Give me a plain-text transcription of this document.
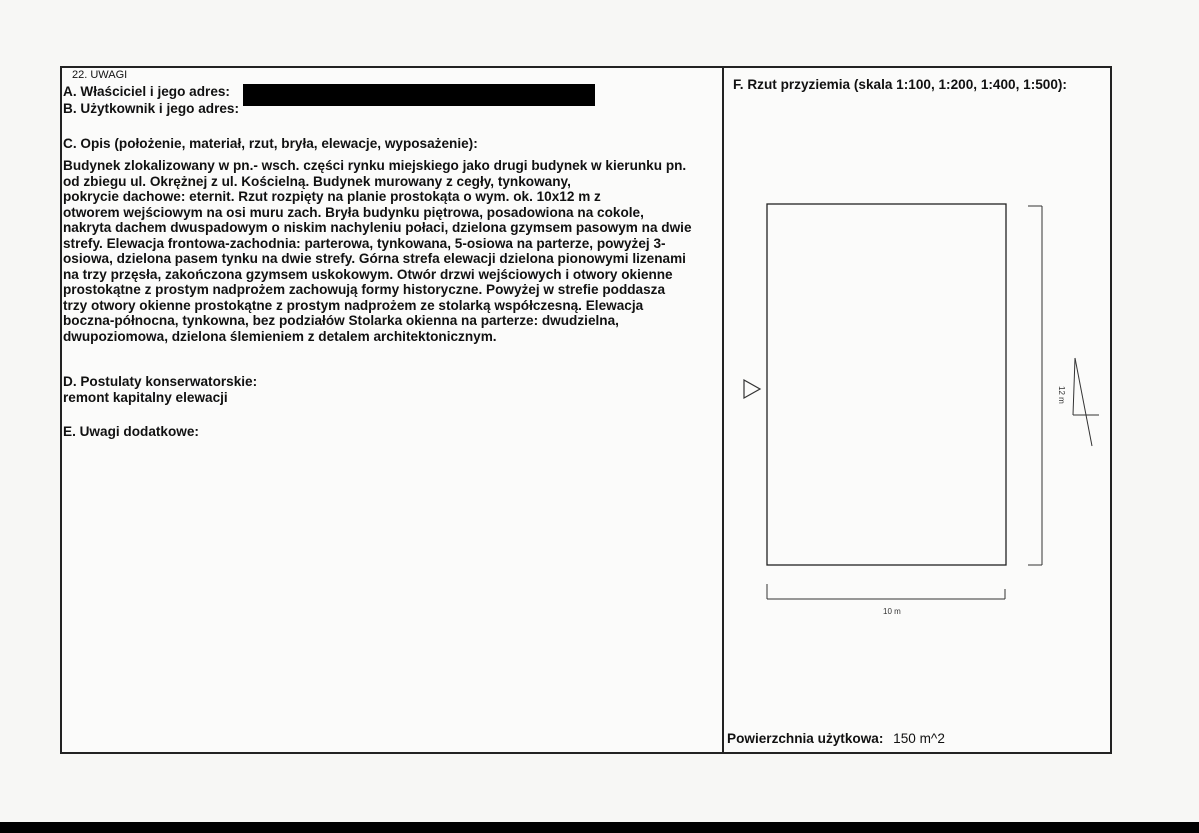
22. UWAGI
A. Właściciel i jego adres:
B. Użytkownik i jego adres:
C. Opis (położenie, materiał, rzut, bryła, elewacje, wyposażenie):
Budynek zlokalizowany w pn.- wsch. części rynku miejskiego jako drugi budynek w kierunku pn.
od zbiegu ul. Okrężnej z ul. Kościelną. Budynek murowany z cegły, tynkowany,
pokrycie dachowe: eternit. Rzut rozpięty na planie prostokąta o wym. ok. 10x12 m z
otworem wejściowym na osi muru zach. Bryła budynku piętrowa, posadowiona na cokole,
nakryta dachem dwuspadowym o niskim nachyleniu połaci, dzielona gzymsem pasowym na dwie
strefy. Elewacja frontowa-zachodnia: parterowa, tynkowana, 5-osiowa na parterze, powyżej 3-
osiowa, dzielona pasem tynku na dwie strefy. Górna strefa elewacji dzielona pionowymi lizenami
na trzy przęsła, zakończona gzymsem uskokowym. Otwór drzwi wejściowych i otwory okienne
prostokątne z prostym nadprożem zachowują formy historyczne. Powyżej w strefie poddasza
trzy otwory okienne prostokątne z prostym nadprożem ze stolarką współczesną. Elewacja
boczna-północna, tynkowna, bez podziałów Stolarka okienna na parterze: dwudzielna,
dwupoziomowa, dzielona ślemieniem z detalem architektonicznym.
D. Postulaty konserwatorskie:
remont kapitalny elewacji
E. Uwagi dodatkowe:
F. Rzut przyziemia (skala 1:100, 1:200, 1:400, 1:500):
12 m
10 m
Powierzchnia użytkowa: 150 m^2
